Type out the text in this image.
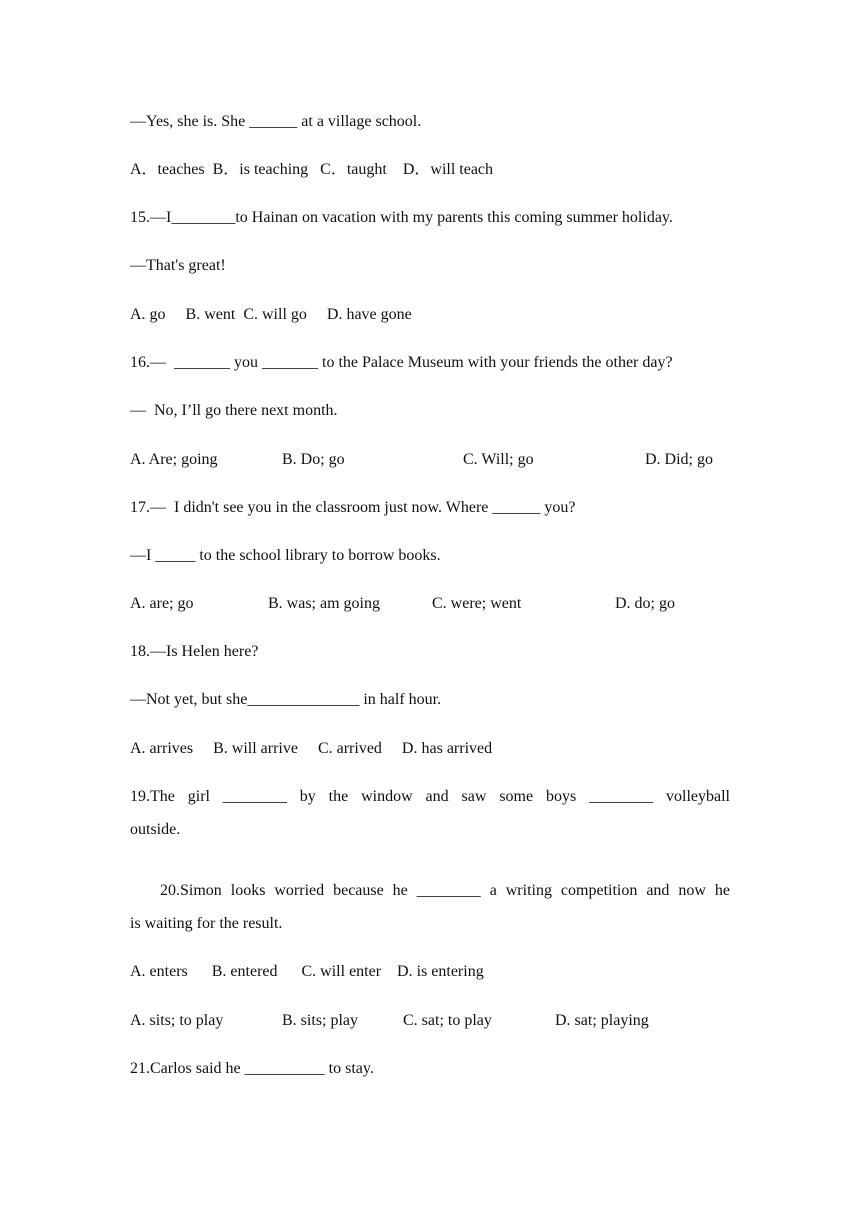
—Yes, she is. She ______ at a village school.
A．teaches  B．is teaching   C．taught    D．will teach
15.—I________to Hainan on vacation with my parents this coming summer holiday.
—That's great!
A. go     B. went  C. will go     D. have gone
16.—  _______ you _______ to the Palace Museum with your friends the other day?
—  No, I’ll go there next month.
A. Are; going	B. Do; go	C. Will; go	D. Did; go
17.—  I didn't see you in the classroom just now. Where ______ you?
—I _____ to the school library to borrow books.
A. are; go	B. was; am going	C. were; went	D. do; go
18.—Is Helen here?
—Not yet, but she______________ in half hour.
A. arrives     B. will arrive     C. arrived     D. has arrived
19.The girl ________ by the window and saw some boys ________ volleyball
outside.
20.Simon looks worried because he ________ a writing competition and now he
is waiting for the result.
A. enters      B. entered      C. will enter    D. is entering
A. sits; to play	B. sits; play	C. sat; to play	D. sat; playing
21.Carlos said he __________ to stay.
